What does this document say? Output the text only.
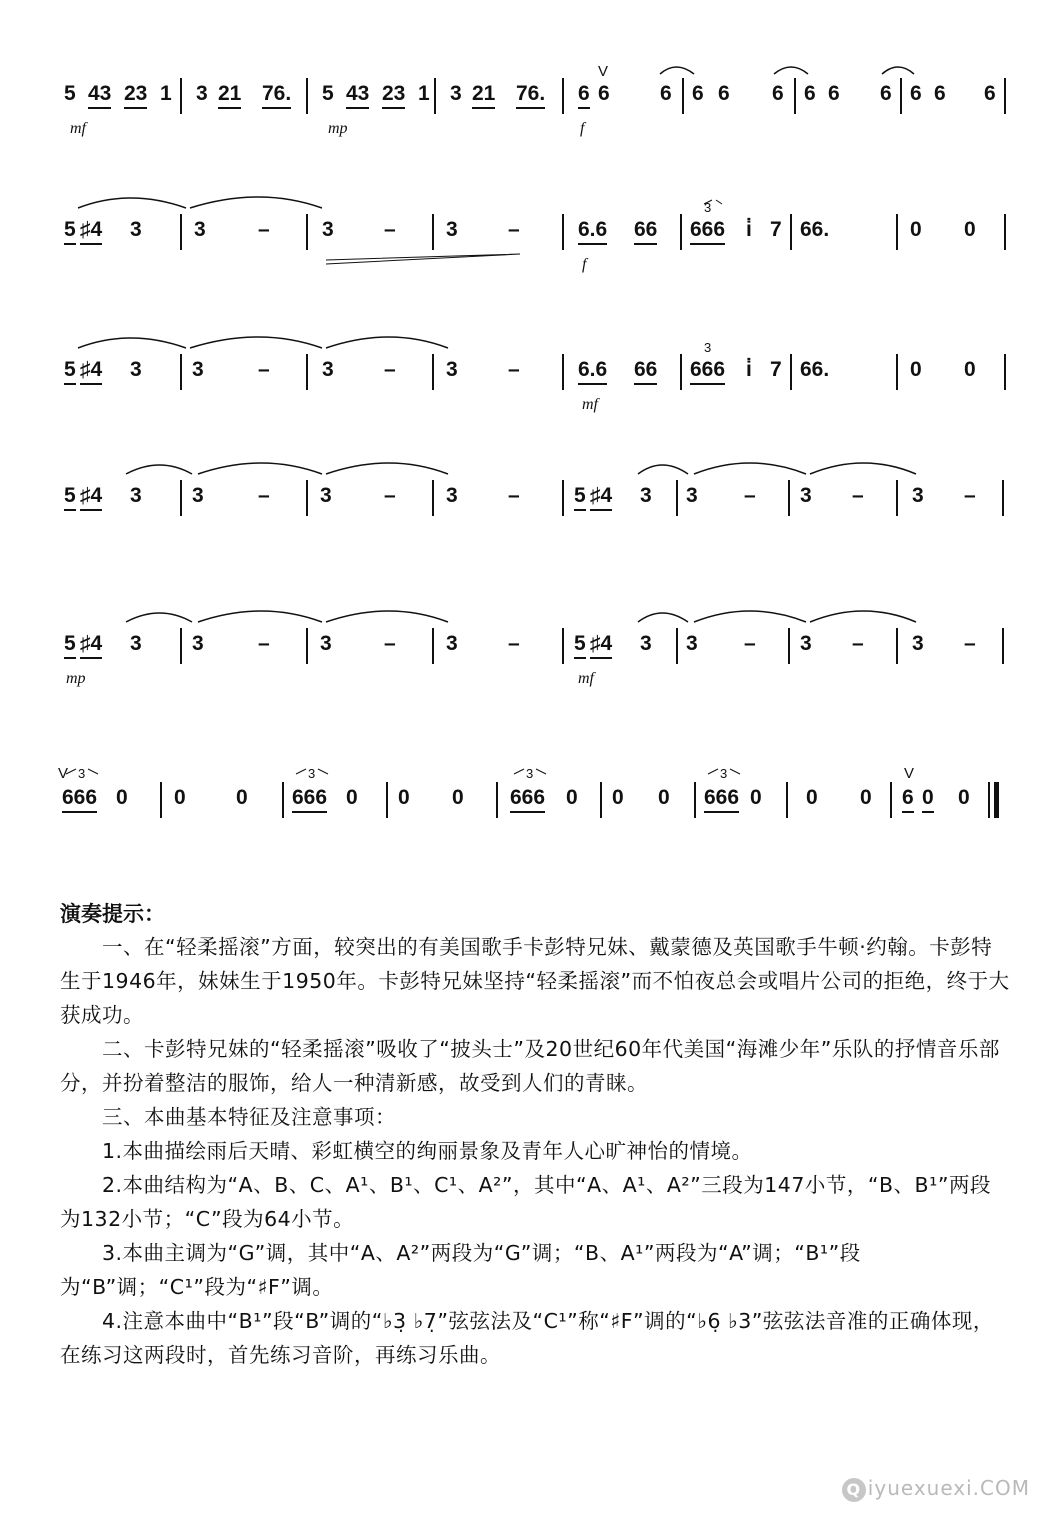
5 43 23 1 3 21 76. 5 43 23 1 3 21 76. 6 6 6 6 6 6 6 6 6 6 6 6
mf	mp	f
V
5 ♯4 3 3 – 3 – 3 –	6.6 66 666
3
i̇ 7 66.	0 0
f
5 ♯4 3 3	– 3 – 3 –	6.6 66 666
3
i̇ 7 66.	0 0
mf
5 ♯4 3 3	– 3 – 3 –	5 ♯4 3 3 – 3 – 3 –
5 ♯4 3 3	– 3 – 3 –	5 ♯4 3 3 – 3 – 3 –
mp	mf
666 0 0 0 666 0 0 0 666 0 0 0 666 0 0 0 6 0 0
V	V
3	3	3	3
演奏提示：

一、在“轻柔摇滚”方面，较突出的有美国歌手卡彭特兄妹、戴蒙德及英国歌手牛顿·约翰。卡彭特生于1946年，妹妹生于1950年。卡彭特兄妹坚持“轻柔摇滚”而不怕夜总会或唱片公司的拒绝，终于大获成功。

二、卡彭特兄妹的“轻柔摇滚”吸收了“披头士”及20世纪60年代美国“海滩少年”乐队的抒情音乐部分，并扮着整洁的服饰，给人一种清新感，故受到人们的青睐。

三、本曲基本特征及注意事项：

1.本曲描绘雨后天晴、彩虹横空的绚丽景象及青年人心旷神怡的情境。

2.本曲结构为“A、B、C、A¹、B¹、C¹、A²”，其中“A、A¹、A²”三段为147小节，“B、B¹”两段为132小节；“C”段为64小节。

3.本曲主调为“G”调，其中“A、A²”两段为“G”调；“B、A¹”两段为“A”调；“B¹”段为“B”调；“C¹”段为“♯F”调。

4.注意本曲中“B¹”段“B”调的“♭3̣ ♭7̣”弦弦法及“C¹”称“♯F”调的“♭6̣ ♭3”弦弦法音准的正确体现，在练习这两段时，首先练习音阶，再练习乐曲。

Q iyuexuexi.COM
